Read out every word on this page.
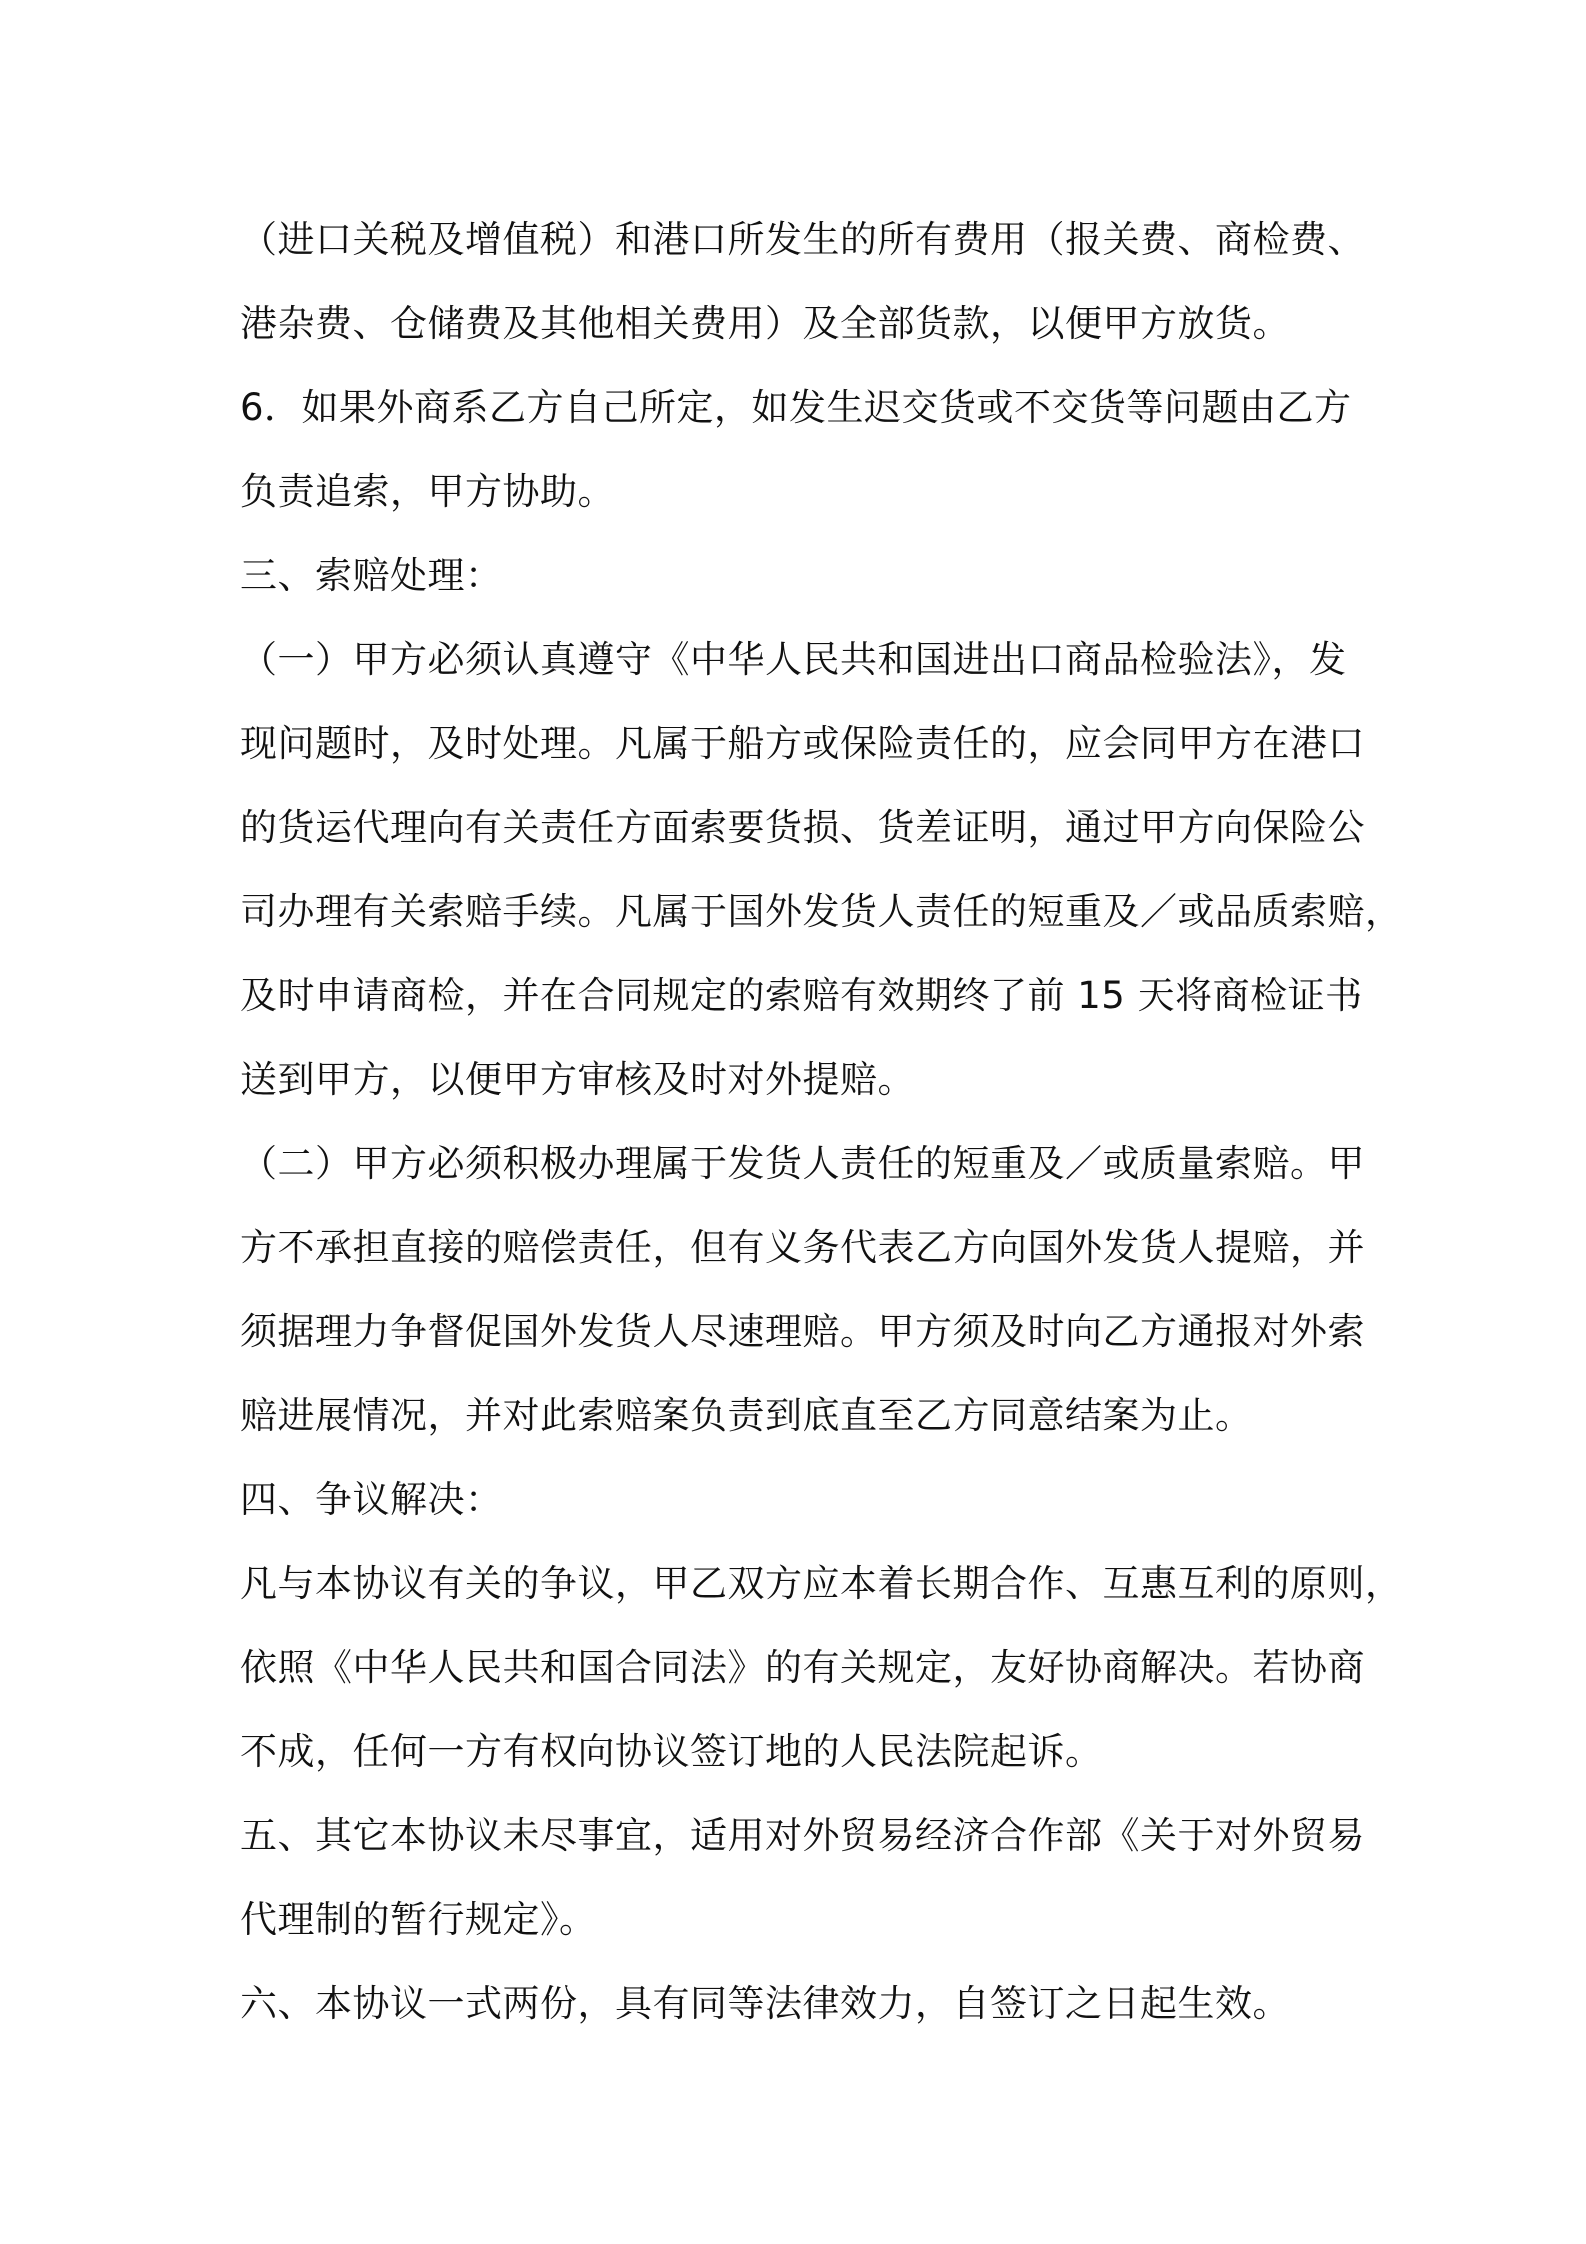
（进口关税及增值税）和港口所发生的所有费用（报关费、商检费、
港杂费、仓储费及其他相关费用）及全部货款，以便甲方放货。

6．如果外商系乙方自己所定，如发生迟交货或不交货等问题由乙方
负责追索，甲方协助。

三、索赔处理：

（一）甲方必须认真遵守《中华人民共和国进出口商品检验法》，发
现问题时，及时处理。凡属于船方或保险责任的，应会同甲方在港口
的货运代理向有关责任方面索要货损、货差证明，通过甲方向保险公
司办理有关索赔手续。凡属于国外发货人责任的短重及／或品质索赔，
及时申请商检，并在合同规定的索赔有效期终了前 15 天将商检证书
送到甲方，以便甲方审核及时对外提赔。

（二）甲方必须积极办理属于发货人责任的短重及／或质量索赔。甲
方不承担直接的赔偿责任，但有义务代表乙方向国外发货人提赔，并
须据理力争督促国外发货人尽速理赔。甲方须及时向乙方通报对外索
赔进展情况，并对此索赔案负责到底直至乙方同意结案为止。

四、争议解决：

凡与本协议有关的争议，甲乙双方应本着长期合作、互惠互利的原则，
依照《中华人民共和国合同法》的有关规定，友好协商解决。若协商
不成，任何一方有权向协议签订地的人民法院起诉。

五、其它本协议未尽事宜，适用对外贸易经济合作部《关于对外贸易
代理制的暂行规定》。

六、本协议一式两份，具有同等法律效力，自签订之日起生效。
